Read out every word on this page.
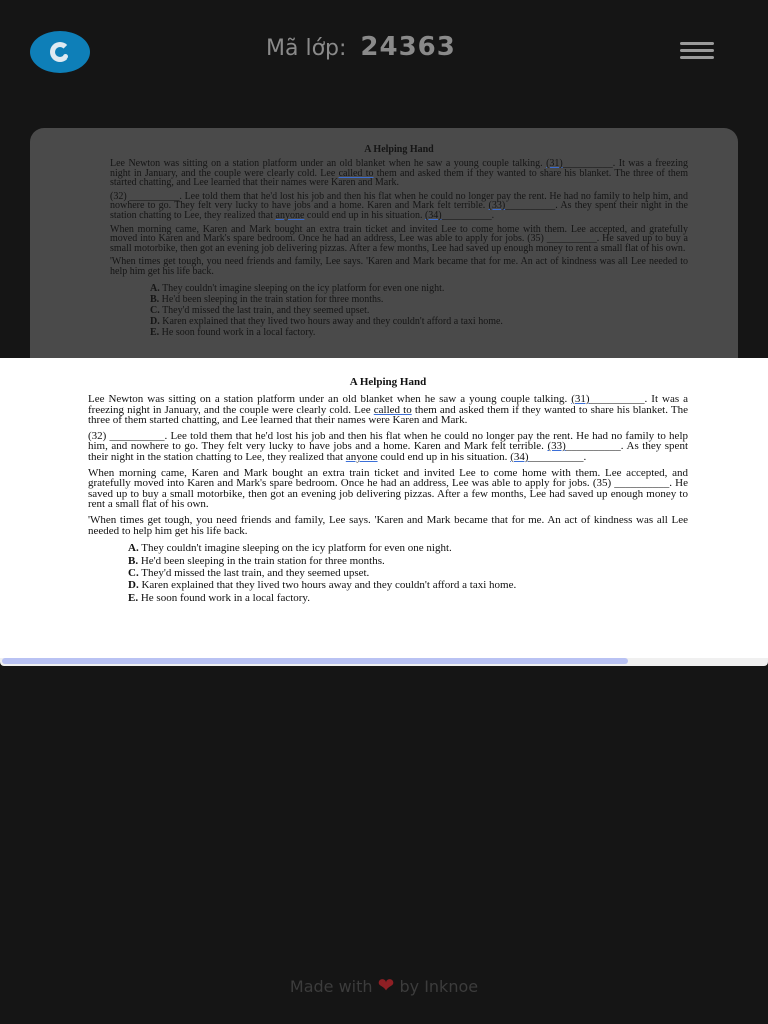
Mã lớp: 24363
A Helping Hand

Lee Newton was sitting on a station platform under an old blanket when he saw a young couple talking. (31)__________. It was a freezing night in January, and the couple were clearly cold. Lee called to them and asked them if they wanted to share his blanket. The three of them started chatting, and Lee learned that their names were Karen and Mark.

(32) __________. Lee told them that he'd lost his job and then his flat when he could no longer pay the rent. He had no family to help him, and nowhere to go. They felt very lucky to have jobs and a home. Karen and Mark felt terrible. (33)__________. As they spent their night in the station chatting to Lee, they realized that anyone could end up in his situation. (34)__________.

When morning came, Karen and Mark bought an extra train ticket and invited Lee to come home with them. Lee accepted, and gratefully moved into Karen and Mark's spare bedroom. Once he had an address, Lee was able to apply for jobs. (35) __________. He saved up to buy a small motorbike, then got an evening job delivering pizzas. After a few months, Lee had saved up enough money to rent a small flat of his own.

'When times get tough, you need friends and family, Lee says. 'Karen and Mark became that for me. An act of kindness was all Lee needed to help him get his life back.

A. They couldn't imagine sleeping on the icy platform for even one night.
B. He'd been sleeping in the train station for three months.
C. They'd missed the last train, and they seemed upset.
D. Karen explained that they lived two hours away and they couldn't afford a taxi home.
E. He soon found work in a local factory.
A Helping Hand

Lee Newton was sitting on a station platform under an old blanket when he saw a young couple talking. (31)__________. It was a freezing night in January, and the couple were clearly cold. Lee called to them and asked them if they wanted to share his blanket. The three of them started chatting, and Lee learned that their names were Karen and Mark.

(32) __________. Lee told them that he'd lost his job and then his flat when he could no longer pay the rent. He had no family to help him, and nowhere to go. They felt very lucky to have jobs and a home. Karen and Mark felt terrible. (33)__________. As they spent their night in the station chatting to Lee, they realized that anyone could end up in his situation. (34)__________.

When morning came, Karen and Mark bought an extra train ticket and invited Lee to come home with them. Lee accepted, and gratefully moved into Karen and Mark's spare bedroom. Once he had an address, Lee was able to apply for jobs. (35) __________. He saved up to buy a small motorbike, then got an evening job delivering pizzas. After a few months, Lee had saved up enough money to rent a small flat of his own.

'When times get tough, you need friends and family, Lee says. 'Karen and Mark became that for me. An act of kindness was all Lee needed to help him get his life back.

A. They couldn't imagine sleeping on the icy platform for even one night.
B. He'd been sleeping in the train station for three months.
C. They'd missed the last train, and they seemed upset.
D. Karen explained that they lived two hours away and they couldn't afford a taxi home.
E. He soon found work in a local factory.
Made with ❤ by Inknoe
